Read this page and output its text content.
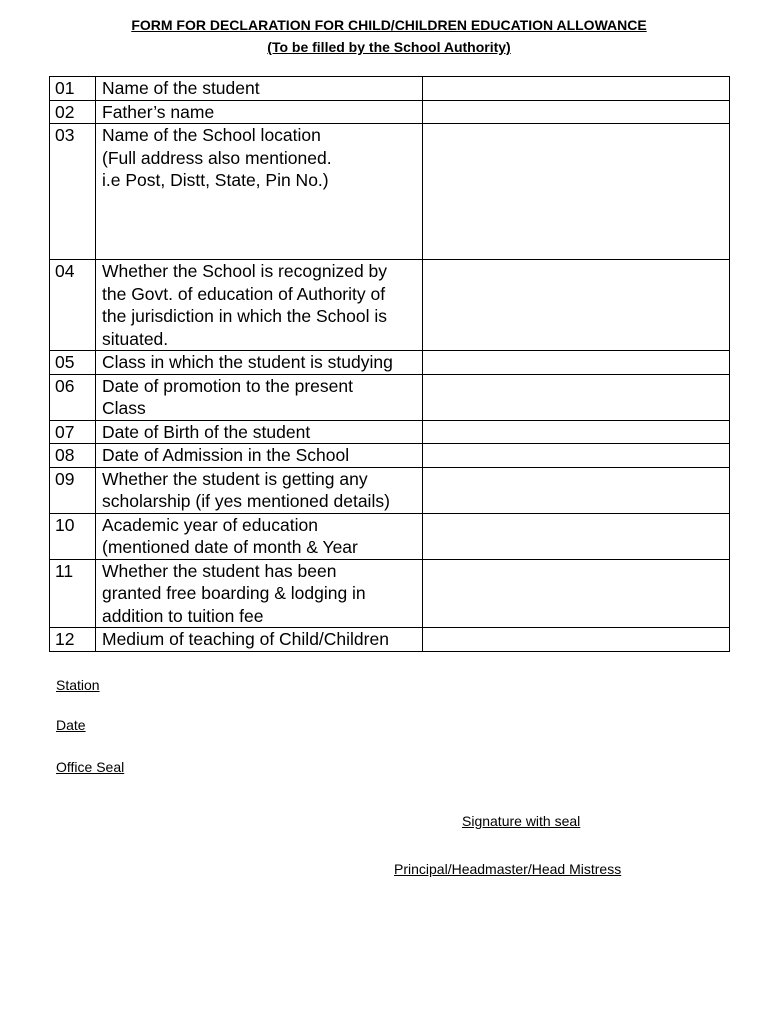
FORM FOR DECLARATION FOR CHILD/CHILDREN EDUCATION ALLOWANCE
(To be filled by the School Authority)
01	Name of the student	

02	Father’s name	

03	Name of the School location
(Full address also mentioned.
i.e Post, Distt, State, Pin No.)	

04	Whether the School is recognized by
the Govt. of education of Authority of
the jurisdiction in which the School is
situated.	

05	Class in which the student is studying	

06	Date of promotion to the present
Class	

07	Date of Birth of the student	

08	Date of Admission in the School	

09	Whether the student is getting any
scholarship (if yes mentioned details)	

10	Academic year of education
(mentioned date of month & Year	

11	Whether the student has been
granted free boarding & lodging in
addition to tuition fee	

12	Medium of teaching of Child/Children	

Station
Date
Office Seal
Signature with seal
Principal/Headmaster/Head Mistress
